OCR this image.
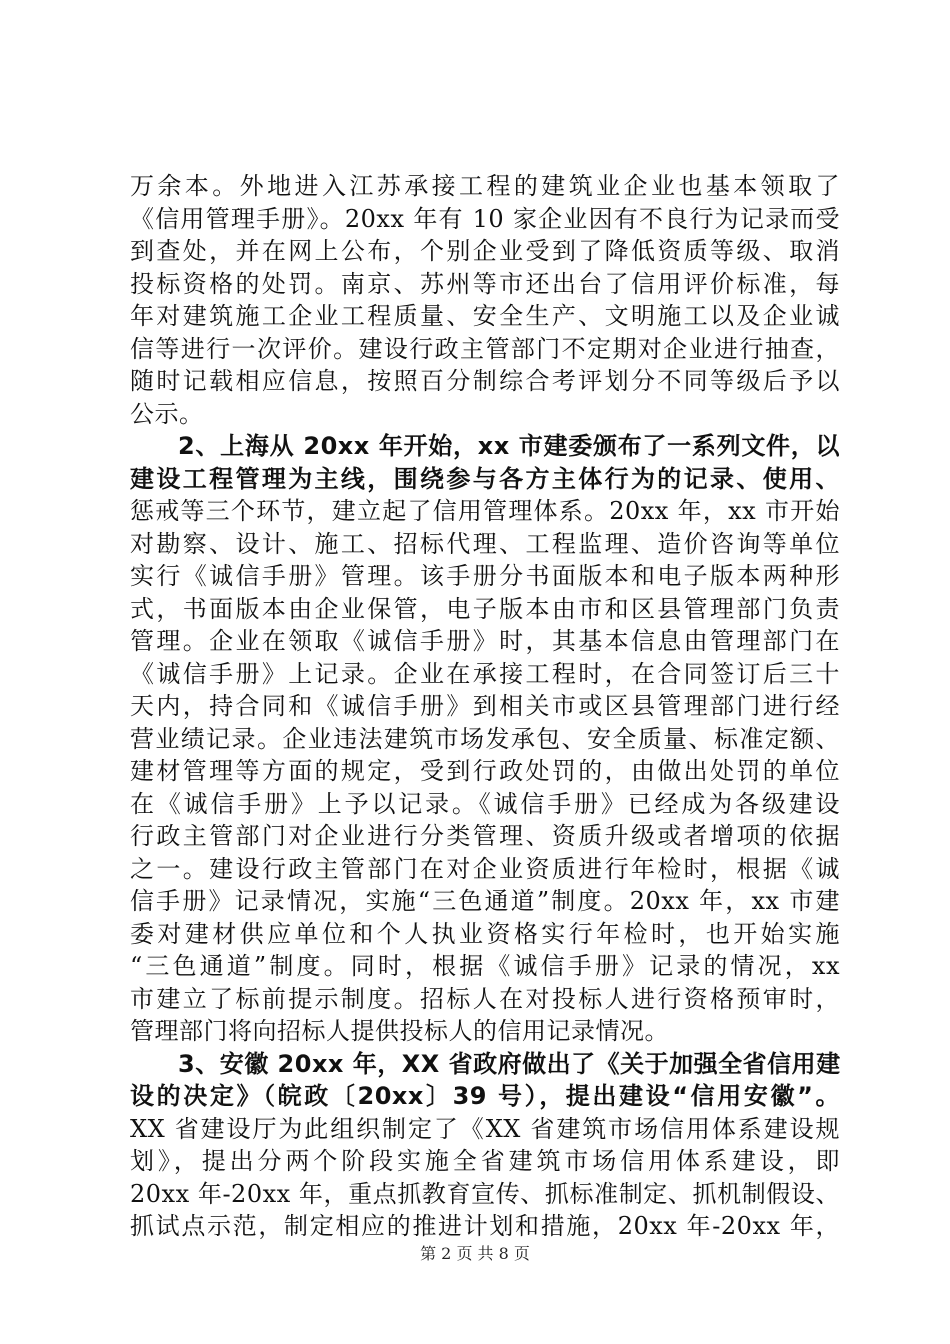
万余本。外地进入江苏承接工程的建筑业企业也基本领取了
《信用管理手册》。20xx 年有 10 家企业因有不良行为记录而受
到查处，并在网上公布，个别企业受到了降低资质等级、取消
投标资格的处罚。南京、苏州等市还出台了信用评价标准，每
年对建筑施工企业工程质量、安全生产、文明施工以及企业诚
信等进行一次评价。建设行政主管部门不定期对企业进行抽查，
随时记载相应信息，按照百分制综合考评划分不同等级后予以
公示。
2、上海从 20xx 年开始，xx 市建委颁布了一系列文件，以
建设工程管理为主线，围绕参与各方主体行为的记录、使用、
惩戒等三个环节，建立起了信用管理体系。20xx 年，xx 市开始
对勘察、设计、施工、招标代理、工程监理、造价咨询等单位
实行《诚信手册》管理。该手册分书面版本和电子版本两种形
式，书面版本由企业保管，电子版本由市和区县管理部门负责
管理。企业在领取《诚信手册》时，其基本信息由管理部门在
《诚信手册》上记录。企业在承接工程时，在合同签订后三十
天内，持合同和《诚信手册》到相关市或区县管理部门进行经
营业绩记录。企业违法建筑市场发承包、安全质量、标准定额、
建材管理等方面的规定，受到行政处罚的，由做出处罚的单位
在《诚信手册》上予以记录。《诚信手册》已经成为各级建设
行政主管部门对企业进行分类管理、资质升级或者增项的依据
之一。建设行政主管部门在对企业资质进行年检时，根据《诚
信手册》记录情况，实施“三色通道”制度。20xx 年，xx 市建
委对建材供应单位和个人执业资格实行年检时，也开始实施
“三色通道”制度。同时，根据《诚信手册》记录的情况，xx
市建立了标前提示制度。招标人在对投标人进行资格预审时，
管理部门将向招标人提供投标人的信用记录情况。
3、安徽 20xx 年，XX 省政府做出了《关于加强全省信用建
设的决定》（皖政〔20xx〕39 号），提出建设“信用安徽”。
XX 省建设厅为此组织制定了《XX 省建筑市场信用体系建设规
划》，提出分两个阶段实施全省建筑市场信用体系建设，即
20xx 年-20xx 年，重点抓教育宣传、抓标准制定、抓机制假设、
抓试点示范，制定相应的推进计划和措施，20xx 年-20xx 年，
第 2 页 共 8 页
